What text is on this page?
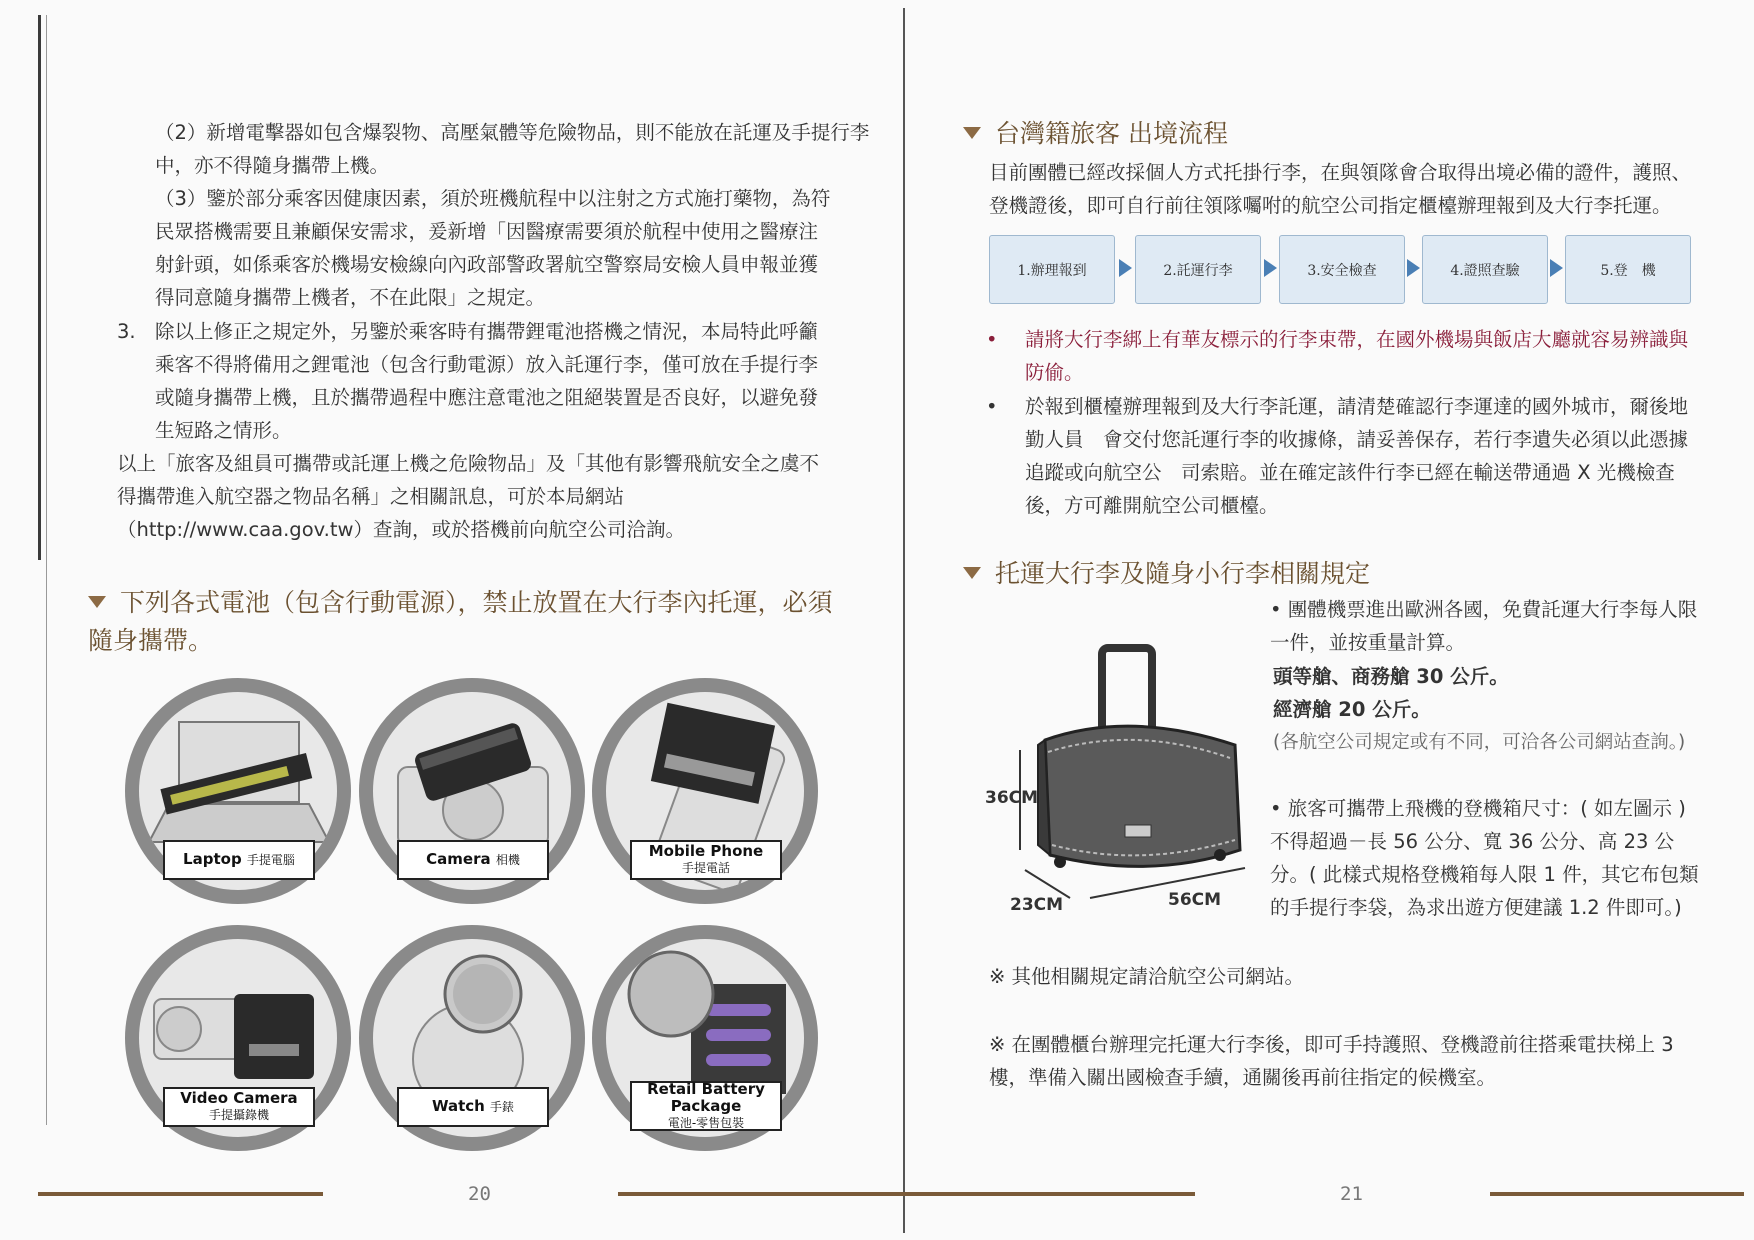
（2）新增電擊器如包含爆裂物、高壓氣體等危險物品，則不能放在託運及手提行李中，亦不得隨身攜帶上機。
（3）鑒於部分乘客因健康因素，須於班機航程中以注射之方式施打藥物，為符民眾搭機需要且兼顧保安需求，爰新增「因醫療需要須於航程中使用之醫療注射針頭，如係乘客於機場安檢線向內政部警政署航空警察局安檢人員申報並獲得同意隨身攜帶上機者，不在此限」之規定。
3. 除以上修正之規定外，另鑒於乘客時有攜帶鋰電池搭機之情況，本局特此呼籲乘客不得將備用之鋰電池（包含行動電源）放入託運行李，僅可放在手提行李或隨身攜帶上機，且於攜帶過程中應注意電池之阻絕裝置是否良好，以避免發生短路之情形。
以上「旅客及組員可攜帶或託運上機之危險物品」及「其他有影響飛航安全之虞不得攜帶進入航空器之物品名稱」之相關訊息，可於本局網站（http://www.caa.gov.tw）查詢，或於搭機前向航空公司洽詢。
下列各式電池（包含行動電源），禁止放置在大行李內托運，必須隨身攜帶。
Laptop 手提電腦	Camera 相機	Mobile Phone
手提電話
Video Camera
手提攝錄機	Watch 手錶
Retail Battery Package
電池-零售包裝
20
台灣籍旅客 出境流程
目前團體已經改採個人方式托掛行李，在與領隊會合取得出境必備的證件，護照、登機證後，即可自行前往領隊囑咐的航空公司指定櫃檯辦理報到及大行李托運。
1.辦理報到	2.託運行李	3.安全檢查	4.證照查驗	5.登　機
• 請將大行李綁上有華友標示的行李束帶，在國外機場與飯店大廳就容易辨識與防偷。
• 於報到櫃檯辦理報到及大行李託運，請清楚確認行李運達的國外城市，爾後地勤人員　會交付您託運行李的收據條，請妥善保存，若行李遺失必須以此憑據追蹤或向航空公　司索賠。並在確定該件行李已經在輸送帶通過 X 光機檢查後，方可離開航空公司櫃檯。
托運大行李及隨身小行李相關規定
36CM
23CM	56CM
• 團體機票進出歐洲各國，免費託運大行李每人限一件，並按重量計算。
頭等艙、商務艙 30 公斤。
經濟艙 20 公斤。
(各航空公司規定或有不同，可洽各公司網站查詢。)
• 旅客可攜帶上飛機的登機箱尺寸：( 如左圖示 ) 不得超過－長 56 公分、寬 36 公分、高 23 公分。( 此樣式規格登機箱每人限 1 件，其它布包類的手提行李袋，為求出遊方便建議 1.2 件即可。)
※ 其他相關規定請洽航空公司網站。
※ 在團體櫃台辦理完托運大行李後，即可手持護照、登機證前往搭乘電扶梯上 3 樓，準備入關出國檢查手續，通關後再前往指定的候機室。
21
